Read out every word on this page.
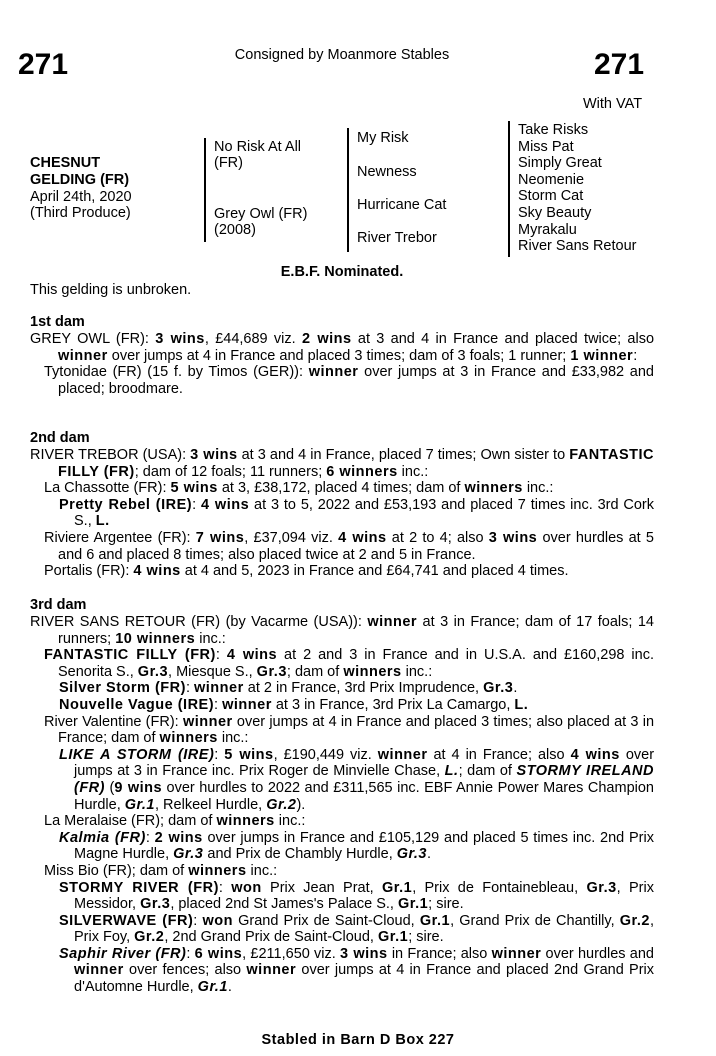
271	271
Consigned by Moanmore Stables
With VAT
CHESNUT
GELDING (FR)
April 24th, 2020
(Third Produce)
No Risk At All
(FR)
Grey Owl (FR)
(2008)
My Risk
Newness
Hurricane Cat
River Trebor
Take Risks
Miss Pat
Simply Great
Neomenie
Storm Cat
Sky Beauty
Myrakalu
River Sans Retour
E.B.F. Nominated.
This gelding is unbroken.
1st dam
GREY OWL (FR): 3 wins, £44,689 viz. 2 wins at 3 and 4 in France and placed twice; also winner over jumps at 4 in France and placed 3 times; dam of 3 foals; 1 runner; 1 winner:
Tytonidae (FR) (15 f. by Timos (GER)): winner over jumps at 3 in France and £33,982 and placed; broodmare.
2nd dam
RIVER TREBOR (USA): 3 wins at 3 and 4 in France, placed 7 times; Own sister to FANTASTIC FILLY (FR); dam of 12 foals; 11 runners; 6 winners inc.:
La Chassotte (FR): 5 wins at 3, £38,172, placed 4 times; dam of winners inc.:
Pretty Rebel (IRE): 4 wins at 3 to 5, 2022 and £53,193 and placed 7 times inc. 3rd Cork S., L.
Riviere Argentee (FR): 7 wins, £37,094 viz. 4 wins at 2 to 4; also 3 wins over hurdles at 5 and 6 and placed 8 times; also placed twice at 2 and 5 in France.
Portalis (FR): 4 wins at 4 and 5, 2023 in France and £64,741 and placed 4 times.
3rd dam
RIVER SANS RETOUR (FR) (by Vacarme (USA)): winner at 3 in France; dam of 17 foals; 14 runners; 10 winners inc.:
FANTASTIC FILLY (FR): 4 wins at 2 and 3 in France and in U.S.A. and £160,298 inc. Senorita S., Gr.3, Miesque S., Gr.3; dam of winners inc.:
Silver Storm (FR): winner at 2 in France, 3rd Prix Imprudence, Gr.3.
Nouvelle Vague (IRE): winner at 3 in France, 3rd Prix La Camargo, L.
River Valentine (FR): winner over jumps at 4 in France and placed 3 times; also placed at 3 in France; dam of winners inc.:
LIKE A STORM (IRE): 5 wins, £190,449 viz. winner at 4 in France; also 4 wins over jumps at 3 in France inc. Prix Roger de Minvielle Chase, L.; dam of STORMY IRELAND (FR) (9 wins over hurdles to 2022 and £311,565 inc. EBF Annie Power Mares Champion Hurdle, Gr.1, Relkeel Hurdle, Gr.2).
La Meralaise (FR); dam of winners inc.:
Kalmia (FR): 2 wins over jumps in France and £105,129 and placed 5 times inc. 2nd Prix Magne Hurdle, Gr.3 and Prix de Chambly Hurdle, Gr.3.
Miss Bio (FR); dam of winners inc.:
STORMY RIVER (FR): won Prix Jean Prat, Gr.1, Prix de Fontainebleau, Gr.3, Prix Messidor, Gr.3, placed 2nd St James's Palace S., Gr.1; sire.
SILVERWAVE (FR): won Grand Prix de Saint-Cloud, Gr.1, Grand Prix de Chantilly, Gr.2, Prix Foy, Gr.2, 2nd Grand Prix de Saint-Cloud, Gr.1; sire.
Saphir River (FR): 6 wins, £211,650 viz. 3 wins in France; also winner over hurdles and winner over fences; also winner over jumps at 4 in France and placed 2nd Grand Prix d'Automne Hurdle, Gr.1.
Stabled in Barn D Box 227
